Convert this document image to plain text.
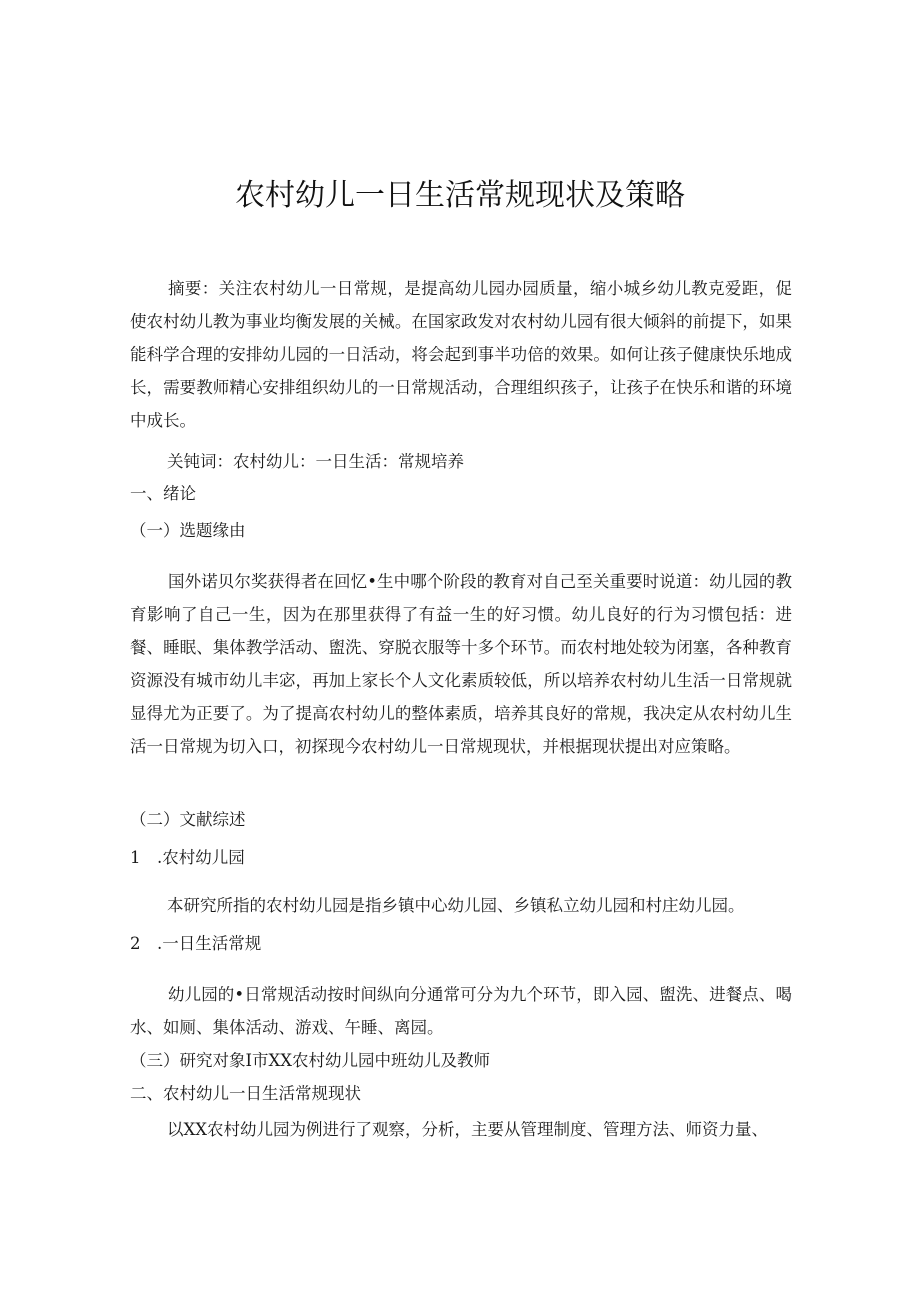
农村幼儿一日生活常规现状及策略
摘要：关注农村幼儿一日常规，是提高幼儿园办园质量，缩小城乡幼儿教克爱距，促使农村幼儿教为事业均衡发展的关械。在国家政发对农村幼儿园有很大倾斜的前提下，如果能科学合理的安排幼儿园的一日活动，将会起到事半功倍的效果。如何让孩子健康快乐地成长，需要教师精心安排组织幼儿的一日常规活动，合理组织孩子，让孩子在快乐和谐的环境中成长。
关钝词：农村幼儿：一日生活：常规培养
一、绪论
（一）选题缘由
国外诺贝尔奖获得者在回忆•生中哪个阶段的教育对自己至关重要时说道：幼儿园的教育影响了自己一生，因为在那里获得了有益一生的好习惯。幼儿良好的行为习惯包括：进餐、睡眠、集体教学活动、盥洗、穿脱衣服等十多个环节。而农村地处较为闭塞，各种教育资源没有城市幼儿丰宓，再加上家长个人文化素质较低，所以培养农村幼儿生活一日常规就显得尤为正要了。为了提高农村幼儿的整体素质，培养其良好的常规，我决定从农村幼儿生活一日常规为切入口，初探现今农村幼儿一日常规现状，并根据现状提出对应策略。
（二）文献综述
1　.农村幼儿园
本研究所指的农村幼儿园是指乡镇中心幼儿园、乡镇私立幼儿园和村庄幼儿园。
2　.一日生活常规
幼儿园的•日常规活动按时间纵向分通常可分为九个环节，即入园、盥洗、进餐点、喝水、如厕、集体活动、游戏、午睡、离园。
（三）研究对象I市XX农村幼儿园中班幼儿及教师
二、农村幼儿一日生活常规现状
以XX农村幼儿园为例进行了观察，分析，主要从管理制度、管理方法、师资力量、
